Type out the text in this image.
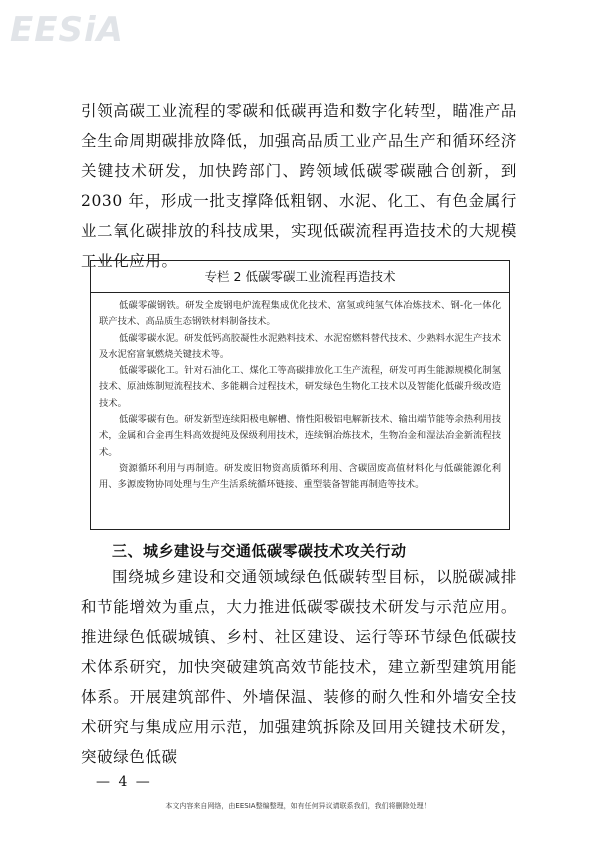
EESiA

引领高碳工业流程的零碳和低碳再造和数字化转型，瞄准产品全生命周期碳排放降低，加强高品质工业产品生产和循环经济关键技术研发，加快跨部门、跨领域低碳零碳融合创新，到 2030 年，形成一批支撑降低粗钢、水泥、化工、有色金属行业二氧化碳排放的科技成果，实现低碳流程再造技术的大规模工业化应用。

专栏 2 低碳零碳工业流程再造技术

低碳零碳钢铁。研发全废钢电炉流程集成优化技术、富氢或纯氢气体冶炼技术、钢-化一体化联产技术、高品质生态钢铁材料制备技术。

低碳零碳水泥。研发低钙高胶凝性水泥熟料技术、水泥窑燃料替代技术、少熟料水泥生产技术及水泥窑富氧燃烧关键技术等。

低碳零碳化工。针对石油化工、煤化工等高碳排放化工生产流程，研发可再生能源规模化制氢技术、原油炼制短流程技术、多能耦合过程技术，研发绿色生物化工技术以及智能化低碳升级改造技术。

低碳零碳有色。研发新型连续阳极电解槽、惰性阳极铝电解新技术、输出端节能等余热利用技术，金属和合金再生料高效提纯及保级利用技术，连续铜冶炼技术，生物冶金和湿法冶金新流程技术。

资源循环利用与再制造。研发废旧物资高质循环利用、含碳固废高值材料化与低碳能源化利用、多源废物协同处理与生产生活系统循环链接、重型装备智能再制造等技术。

三、城乡建设与交通低碳零碳技术攻关行动

围绕城乡建设和交通领域绿色低碳转型目标，以脱碳减排和节能增效为重点，大力推进低碳零碳技术研发与示范应用。推进绿色低碳城镇、乡村、社区建设、运行等环节绿色低碳技术体系研究，加快突破建筑高效节能技术，建立新型建筑用能体系。开展建筑部件、外墙保温、装修的耐久性和外墙安全技术研究与集成应用示范，加强建筑拆除及回用关键技术研发，突破绿色低碳

— 4 —
本文内容来自网络，由EESIA整编整理，如有任何异议请联系我们，我们将删除处理！
